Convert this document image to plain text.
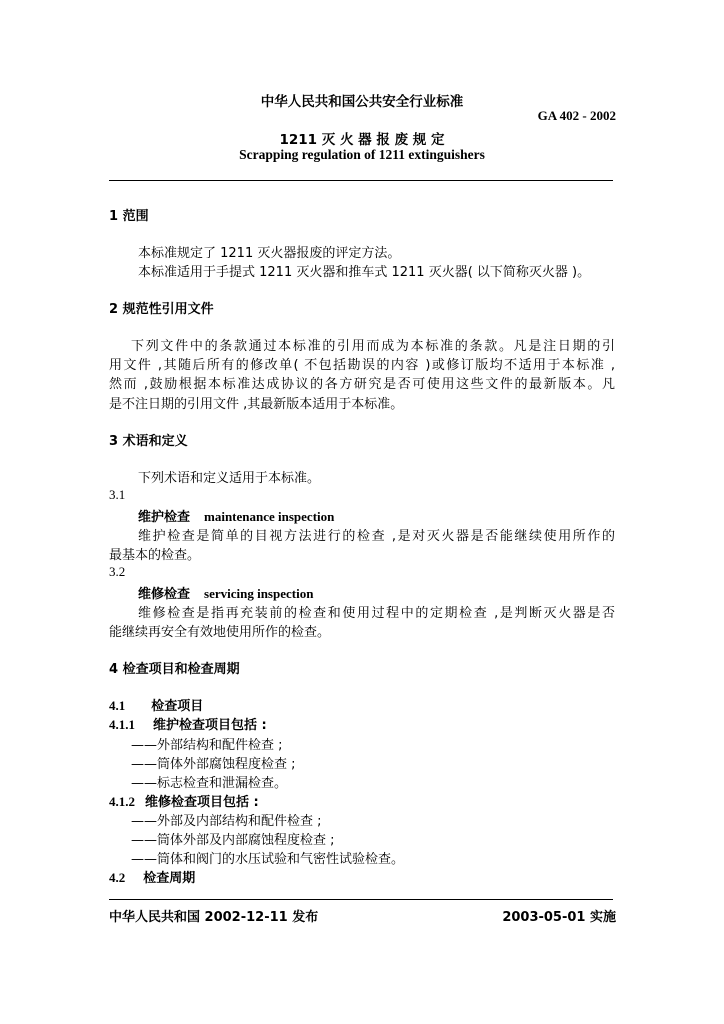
中华人民共和国公共安全行业标准
GA 402 - 2002
1211 灭 火 器 报 废 规 定
Scrapping regulation of 1211 extinguishers
1 范围
本标准规定了 1211 灭火器报废的评定方法。
本标准适用于手提式 1211 灭火器和推车式 1211 灭火器( 以下简称灭火器 )。
2 规范性引用文件
下列文件中的条款通过本标准的引用而成为本标准的条款。凡是注日期的引
用文件 ,其随后所有的修改单( 不包括勘误的内容 )或修订版均不适用于本标准 ,
然而 ,鼓励根据本标准达成协议的各方研究是否可使用这些文件的最新版本。凡
是不注日期的引用文件 ,其最新版本适用于本标准。
3 术语和定义
下列术语和定义适用于本标准。
3.1
维护检查 maintenance inspection
维护检查是简单的目视方法进行的检查 ,是对灭火器是否能继续使用所作的
最基本的检查。
3.2
维修检查 servicing inspection
维修检查是指再充装前的检查和使用过程中的定期检查 ,是判断灭火器是否
能继续再安全有效地使用所作的检查。
4 检查项目和检查周期
4.1 检查项目
4.1.1 维护检查项目包括 :
——外部结构和配件检查 ;
——筒体外部腐蚀程度检查 ;
——标志检查和泄漏检查。
4.1.2 维修检查项目包括 :
——外部及内部结构和配件检查 ;
——筒体外部及内部腐蚀程度检查 ;
——筒体和阀门的水压试验和气密性试验检查。
4.2 检查周期
中华人民共和国 2002-12-11 发布	2003-05-01 实施
